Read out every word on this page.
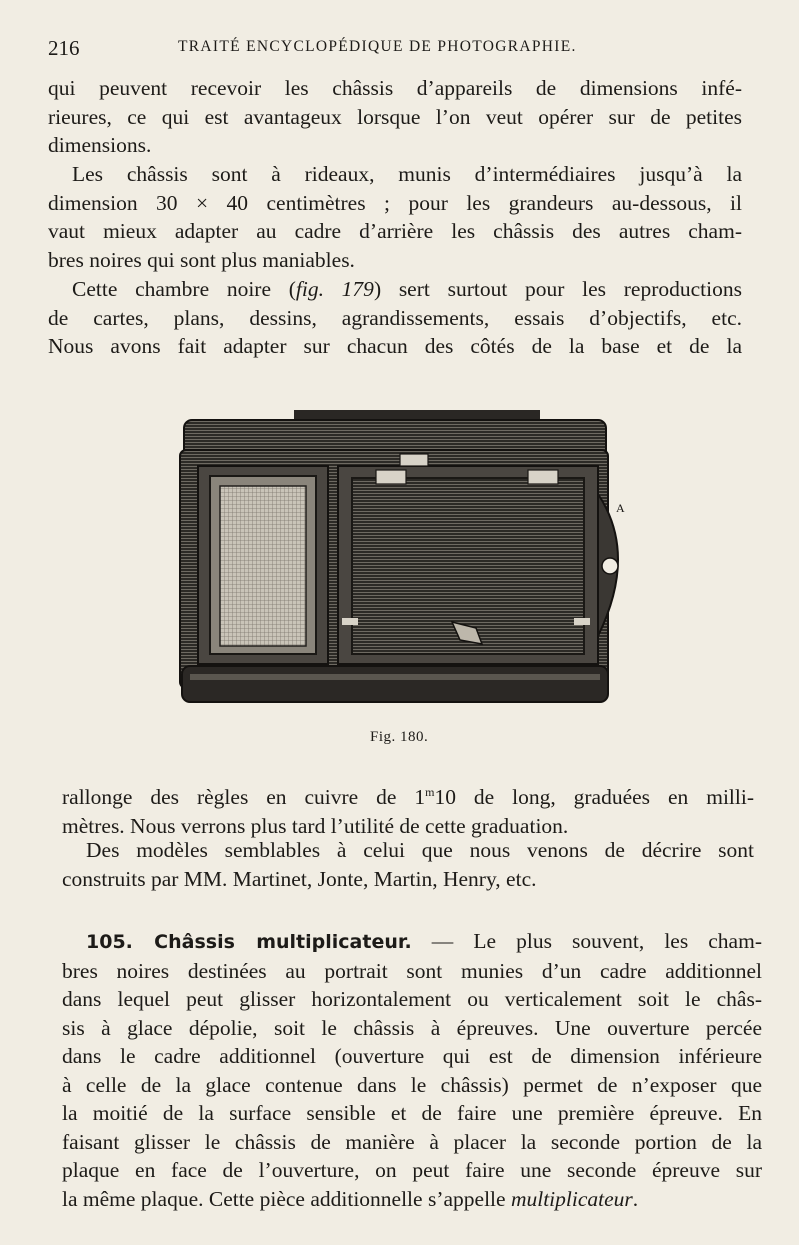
216	TRAITÉ ENCYCLOPÉDIQUE DE PHOTOGRAPHIE.
qui peuvent recevoir les châssis d’appareils de dimensions infé-
rieures, ce qui est avantageux lorsque l’on veut opérer sur de petites
dimensions.
Les châssis sont à rideaux, munis d’intermédiaires jusqu’à la
dimension 30 × 40 centimètres ; pour les grandeurs au-dessous, il
vaut mieux adapter au cadre d’arrière les châssis des autres cham-
bres noires qui sont plus maniables.
Cette chambre noire (fig. 179) sert surtout pour les reproductions
de cartes, plans, dessins, agrandissements, essais d’objectifs, etc.
Nous avons fait adapter sur chacun des côtés de la base et de la
A
Fig. 180.
rallonge des règles en cuivre de 1$^m$10 de long, graduées en milli-
mètres. Nous verrons plus tard l’utilité de cette graduation.
Des modèles semblables à celui que nous venons de décrire sont
construits par MM. Martinet, Jonte, Martin, Henry, etc.
105. Châssis multiplicateur. — Le plus souvent, les cham-
bres noires destinées au portrait sont munies d’un cadre additionnel
dans lequel peut glisser horizontalement ou verticalement soit le châs-
sis à glace dépolie, soit le châssis à épreuves. Une ouverture percée
dans le cadre additionnel (ouverture qui est de dimension inférieure
à celle de la glace contenue dans le châssis) permet de n’exposer que
la moitié de la surface sensible et de faire une première épreuve. En
faisant glisser le châssis de manière à placer la seconde portion de la
plaque en face de l’ouverture, on peut faire une seconde épreuve sur
la même plaque. Cette pièce additionnelle s’appelle multiplicateur.
